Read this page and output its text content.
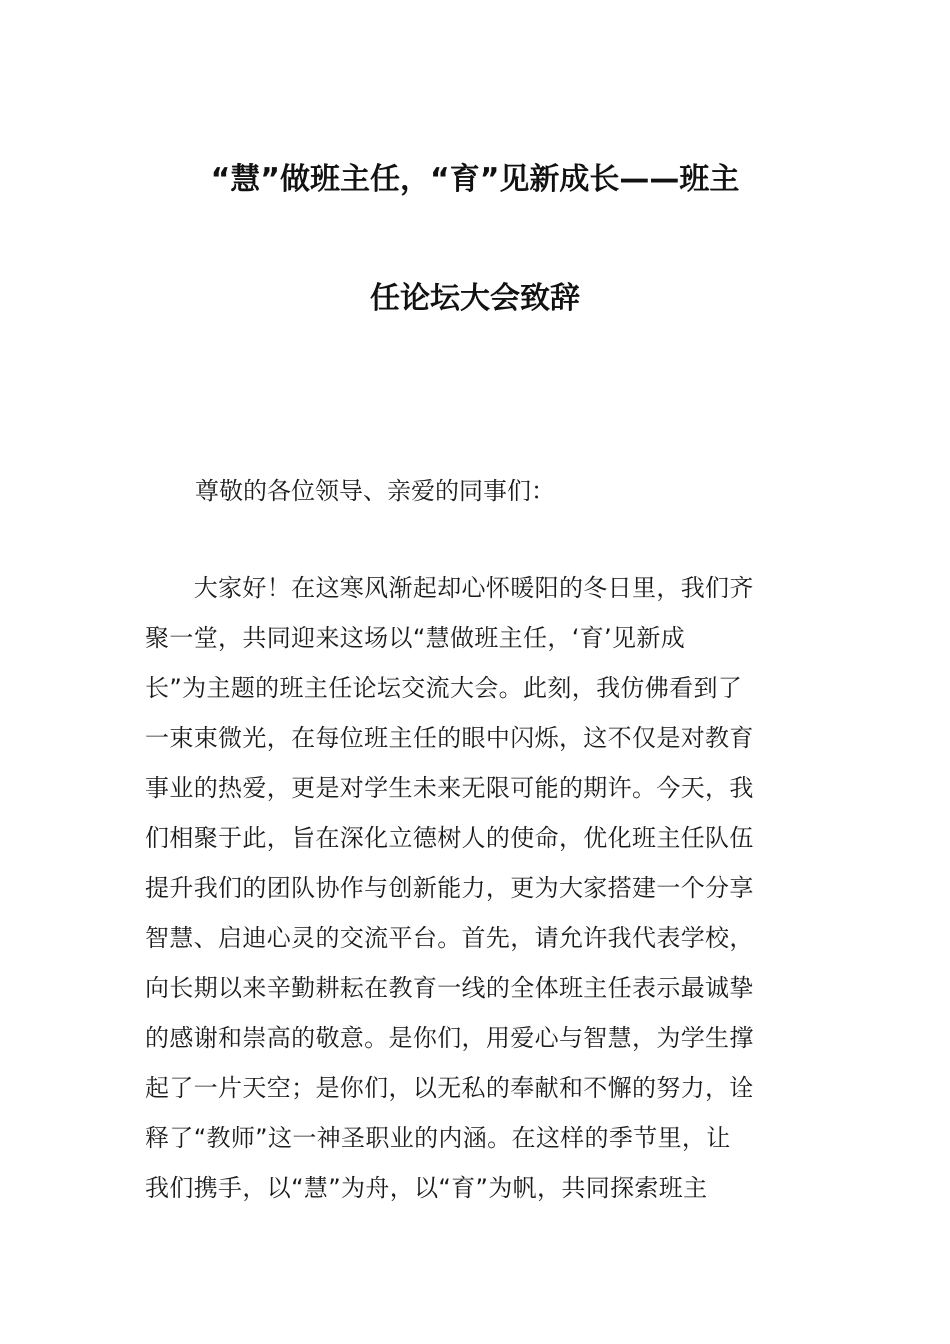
“慧”做班主任，“育”见新成长——班主
任论坛大会致辞
尊敬的各位领导、亲爱的同事们：
　　大家好！在这寒风渐起却心怀暖阳的冬日里，我们齐
聚一堂，共同迎来这场以“慧做班主任，‘育’见新成
长”为主题的班主任论坛交流大会。此刻，我仿佛看到了
一束束微光，在每位班主任的眼中闪烁，这不仅是对教育
事业的热爱，更是对学生未来无限可能的期许。今天，我
们相聚于此，旨在深化立德树人的使命，优化班主任队伍
提升我们的团队协作与创新能力，更为大家搭建一个分享
智慧、启迪心灵的交流平台。首先，请允许我代表学校，
向长期以来辛勤耕耘在教育一线的全体班主任表示最诚挚
的感谢和崇高的敬意。是你们，用爱心与智慧，为学生撑
起了一片天空；是你们，以无私的奉献和不懈的努力，诠
释了“教师”这一神圣职业的内涵。在这样的季节里，让
我们携手，以“慧”为舟，以“育”为帆，共同探索班主
